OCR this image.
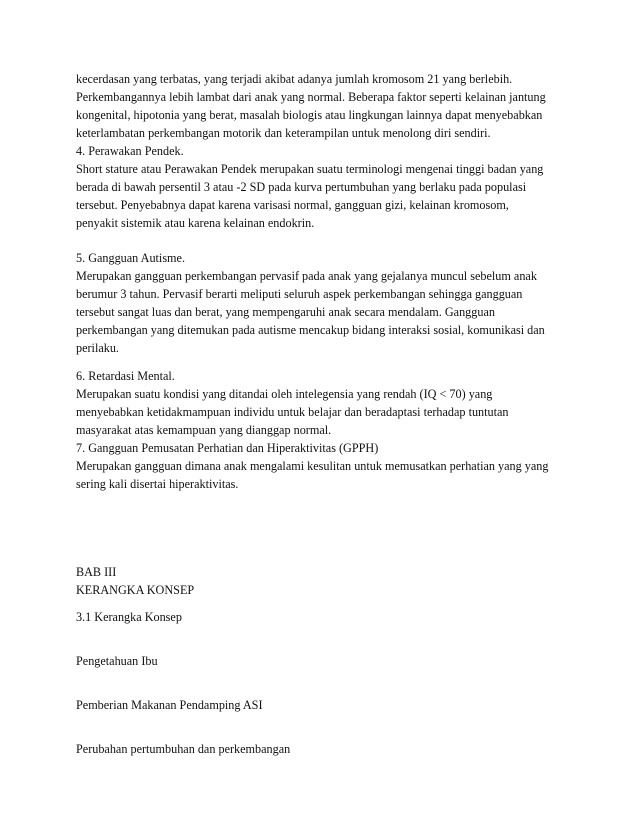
kecerdasan yang terbatas, yang terjadi akibat adanya jumlah kromosom 21 yang berlebih.
Perkembangannya lebih lambat dari anak yang normal. Beberapa faktor seperti kelainan jantung
kongenital, hipotonia yang berat, masalah biologis atau lingkungan lainnya dapat menyebabkan
keterlambatan perkembangan motorik dan keterampilan untuk menolong diri sendiri.
4. Perawakan Pendek.
Short stature atau Perawakan Pendek merupakan suatu terminologi mengenai tinggi badan yang
berada di bawah persentil 3 atau -2 SD pada kurva pertumbuhan yang berlaku pada populasi
tersebut. Penyebabnya dapat karena varisasi normal, gangguan gizi, kelainan kromosom,
penyakit sistemik atau karena kelainan endokrin.
5. Gangguan Autisme.
Merupakan gangguan perkembangan pervasif pada anak yang gejalanya muncul sebelum anak
berumur 3 tahun. Pervasif berarti meliputi seluruh aspek perkembangan sehingga gangguan
tersebut sangat luas dan berat, yang mempengaruhi anak secara mendalam. Gangguan
perkembangan yang ditemukan pada autisme mencakup bidang interaksi sosial, komunikasi dan
perilaku.
6. Retardasi Mental.
Merupakan suatu kondisi yang ditandai oleh intelegensia yang rendah (IQ < 70) yang
menyebabkan ketidakmampuan individu untuk belajar dan beradaptasi terhadap tuntutan
masyarakat atas kemampuan yang dianggap normal.
7. Gangguan Pemusatan Perhatian dan Hiperaktivitas (GPPH)
Merupakan gangguan dimana anak mengalami kesulitan untuk memusatkan perhatian yang yang
sering kali disertai hiperaktivitas.
BAB III
KERANGKA KONSEP
3.1 Kerangka Konsep
Pengetahuan Ibu
Pemberian Makanan Pendamping ASI
Perubahan pertumbuhan dan perkembangan
